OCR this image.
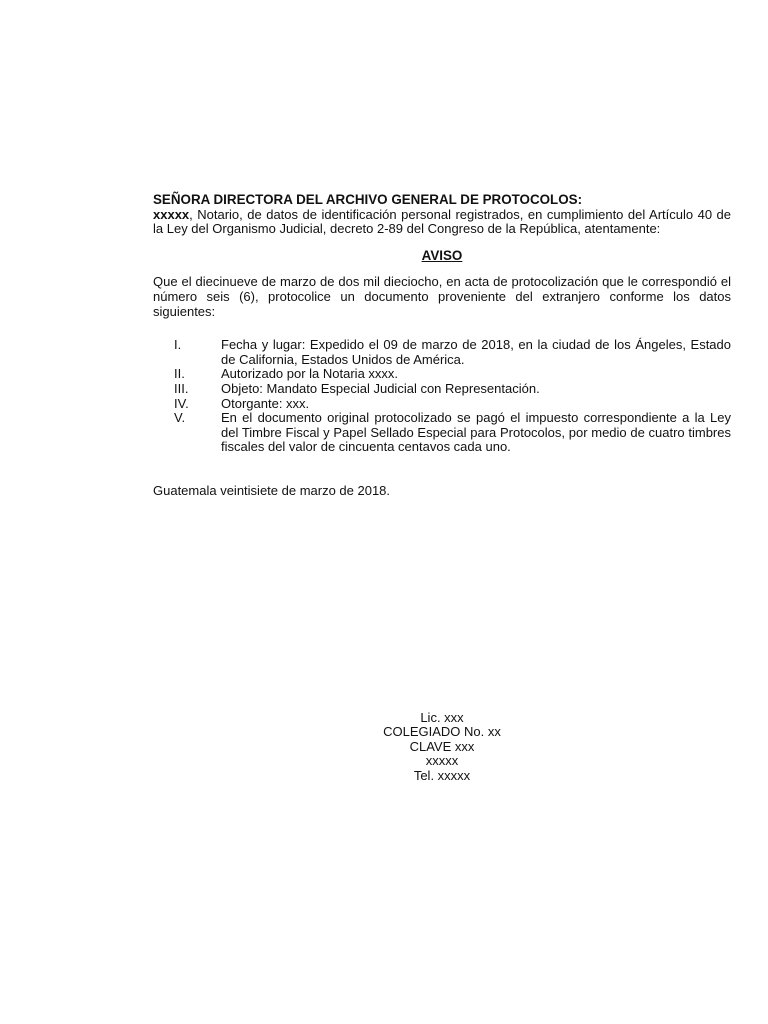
SEÑORA DIRECTORA DEL ARCHIVO GENERAL DE PROTOCOLOS:

xxxxx, Notario, de datos de identificación personal registrados, en cumplimiento del Artículo 40 de la Ley del Organismo Judicial, decreto 2-89 del Congreso de la República, atentamente:

AVISO

Que el diecinueve de marzo de dos mil dieciocho, en acta de protocolización que le correspondió el número seis (6), protocolice un documento proveniente del extranjero conforme los datos siguientes:

I.	Fecha y lugar: Expedido el 09 de marzo de 2018, en la ciudad de los Ángeles, Estado de California, Estados Unidos de América.
II.	Autorizado por la Notaria xxxx.
III.	Objeto: Mandato Especial Judicial con Representación.
IV.	Otorgante: xxx.
V.	En el documento original protocolizado se pagó el impuesto correspondiente a la Ley del Timbre Fiscal y Papel Sellado Especial para Protocolos, por medio de cuatro timbres fiscales del valor de cincuenta centavos cada uno.

Guatemala veintisiete de marzo de 2018.

Lic. xxx
COLEGIADO No. xx
CLAVE xxx
xxxxx
Tel. xxxxx
